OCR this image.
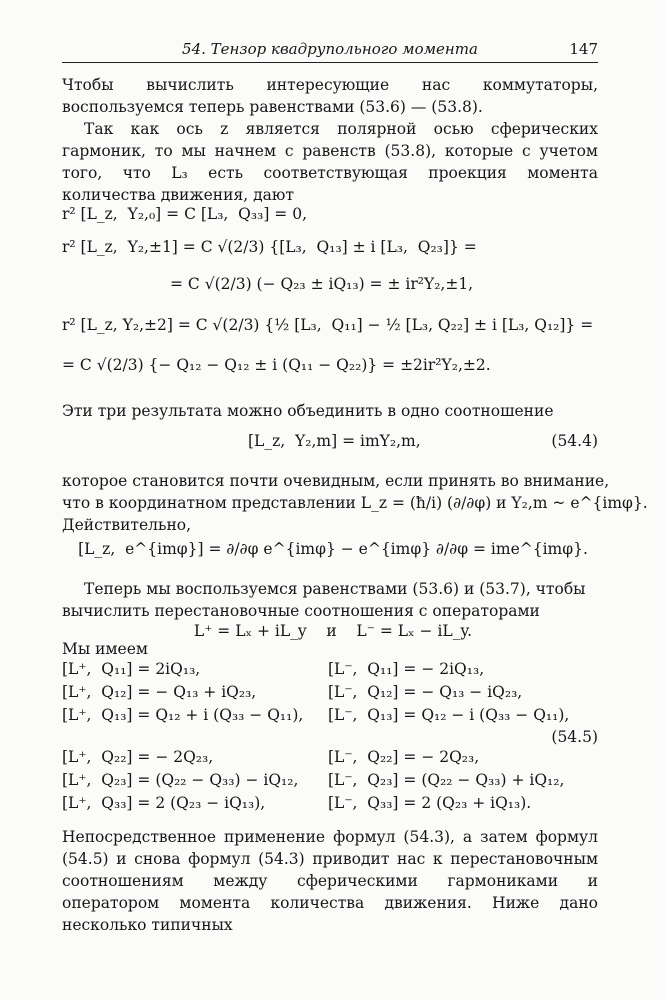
54. Тензор квадрупольного момента	147
Чтобы вычислить интересующие нас коммутаторы, воспользуемся теперь равенствами (53.6) — (53.8).
Так как ось z является полярной осью сферических гармоник, то мы начнем с равенств (53.8), которые с учетом того, что L₃ есть соответствующая проекция момента количества движения, дают
r² [L_z,  Y₂,₀] = C [L₃,  Q₃₃] = 0,
r² [L_z,  Y₂,±1] = C √(2/3) {[L₃,  Q₁₃] ± i [L₃,  Q₂₃]} =
= C √(2/3) (− Q₂₃ ± iQ₁₃) = ± ir²Y₂,±1,
r² [L_z, Y₂,±2] = C √(2/3) {½ [L₃,  Q₁₁] − ½ [L₃, Q₂₂] ± i [L₃, Q₁₂]} =
= C √(2/3) {− Q₁₂ − Q₁₂ ± i (Q₁₁ − Q₂₂)} = ±2ir²Y₂,±2.
Эти три результата можно объединить в одно соотношение
[L_z,  Y₂,m] = imY₂,m,	(54.4)
которое становится почти очевидным, если принять во внимание,
что в координатном представлении L_z = (ħ/i) (∂/∂φ) и Y₂,m ~ e^{imφ}.
Действительно,
[L_z,  e^{imφ}] = ∂/∂φ e^{imφ} − e^{imφ} ∂/∂φ = ime^{imφ}.
Теперь мы воспользуемся равенствами (53.6) и (53.7), чтобы
вычислить перестановочные соотношения с операторами
L⁺ = Lₓ + iL_y    и    L⁻ = Lₓ − iL_y.
Мы имеем
[L⁺,  Q₁₁] = 2iQ₁₃,	[L⁻,  Q₁₁] = − 2iQ₁₃,
[L⁺,  Q₁₂] = − Q₁₃ + iQ₂₃,	[L⁻,  Q₁₂] = − Q₁₃ − iQ₂₃,
[L⁺,  Q₁₃] = Q₁₂ + i (Q₃₃ − Q₁₁), [L⁻,  Q₁₃] = Q₁₂ − i (Q₃₃ − Q₁₁),
(54.5)
[L⁺,  Q₂₂] = − 2Q₂₃,	[L⁻,  Q₂₂] = − 2Q₂₃,
[L⁺,  Q₂₃] = (Q₂₂ − Q₃₃) − iQ₁₂, [L⁻,  Q₂₃] = (Q₂₂ − Q₃₃) + iQ₁₂,
[L⁺,  Q₃₃] = 2 (Q₂₃ − iQ₁₃),	[L⁻,  Q₃₃] = 2 (Q₂₃ + iQ₁₃).
Непосредственное применение формул (54.3), а затем формул (54.5) и снова формул (54.3) приводит нас к перестановочным соотношениям между сферическими гармониками и оператором момента количества движения. Ниже дано несколько типичных
